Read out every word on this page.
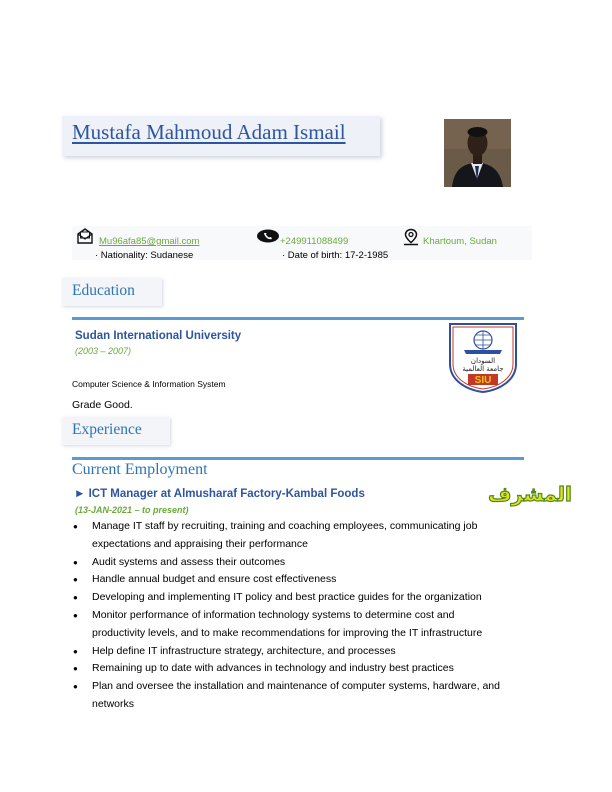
Mustafa Mahmoud Adam Ismail
Mu96afa85@gmail.com	+249911088499	Khartoum, Sudan
· Nationality: Sudanese	· Date of birth: 17-2-1985
Education
Sudan International University
(2003 – 2007)
Computer Science & Information System
Grade Good.
السودان
جامعة العالمية
SIU
Experience
Current Employment
► ICT Manager at Almusharaf Factory-Kambal Foods
(13-JAN-2021 – to present)
المشرف
● Manage IT staff by recruiting, training and coaching employees, communicating job expectations and appraising their performance
● Audit systems and assess their outcomes
● Handle annual budget and ensure cost effectiveness
● Developing and implementing IT policy and best practice guides for the organization
● Monitor performance of information technology systems to determine cost and productivity levels, and to make recommendations for improving the IT infrastructure
● Help define IT infrastructure strategy, architecture, and processes
● Remaining up to date with advances in technology and industry best practices
● Plan and oversee the installation and maintenance of computer systems, hardware, and networks
